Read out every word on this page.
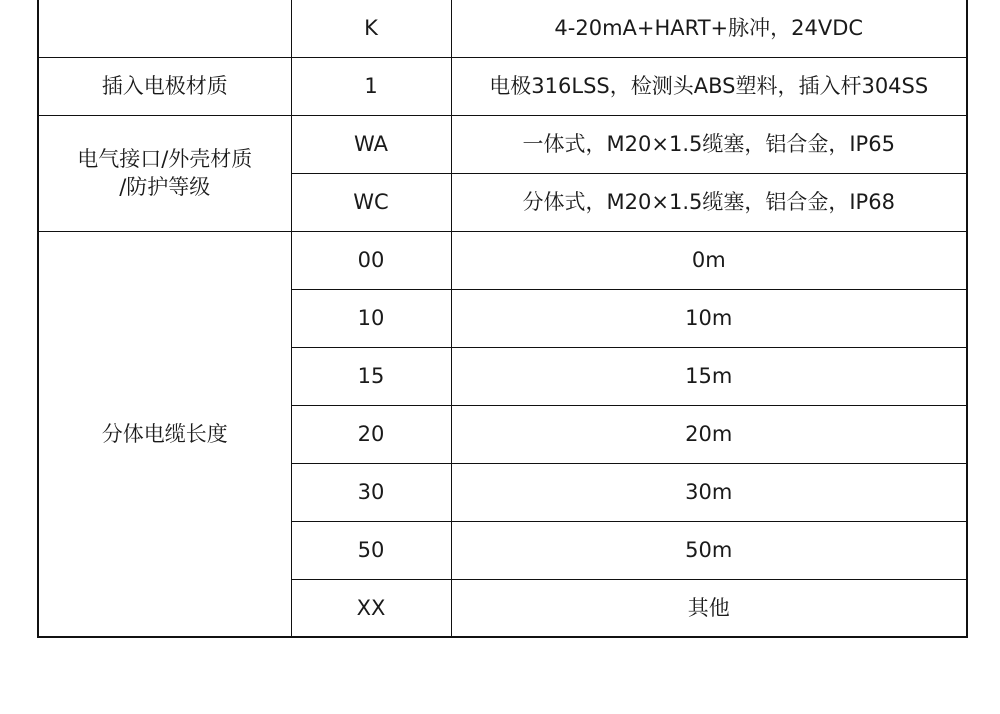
	K	4-20mA+HART+脉冲，24VDC
插入电极材质	1	电极316LSS，检测头ABS塑料，插入杆304SS

电气接口/外壳材质
/防护等级	WA	一体式，M20×1.5缆塞，铝合金，IP65
	WC	分体式，M20×1.5缆塞，铝合金，IP68
分体电缆长度	00	0m
	10	10m
	15	15m
	20	20m
	30	30m
	50	50m
	XX	其他
